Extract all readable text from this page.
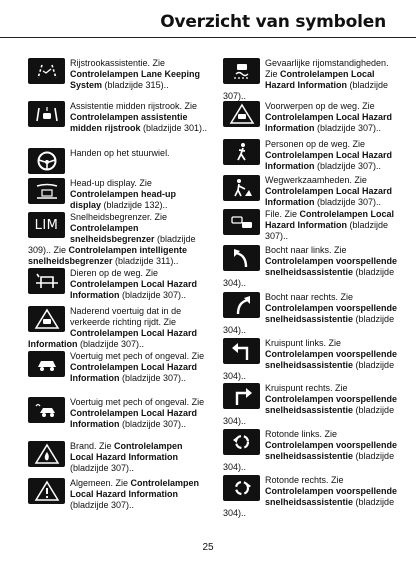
Overzicht van symbolen
Rijstrookassistentie. Zie Controlelampen Lane Keeping System (bladzijde 315)..
Assistentie midden rijstrook. Zie Controlelampen assistentie midden rijstrook (bladzijde 301)..
Handen op het stuurwiel.
Head-up display. Zie Controlelampen head-up display (bladzijde 132)..
LIM
Snelheidsbegrenzer. Zie Controlelampen snelheidsbegrenzer (bladzijde 309).. Zie Controlelampen intelligente snelheidsbegrenzer (bladzijde 311)..
Dieren op de weg. Zie Controlelampen Local Hazard Information (bladzijde 307)..
Naderend voertuig dat in de verkeerde richting rijdt. Zie Controlelampen Local Hazard Information (bladzijde 307)..
Voertuig met pech of ongeval. Zie Controlelampen Local Hazard Information (bladzijde 307)..
Voertuig met pech of ongeval. Zie Controlelampen Local Hazard Information (bladzijde 307)..
Brand. Zie Controlelampen Local Hazard Information (bladzijde 307)..
Algemeen. Zie Controlelampen Local Hazard Information (bladzijde 307)..
Gevaarlijke rijomstandigheden. Zie Controlelampen Local Hazard Information (bladzijde 307)..
Voorwerpen op de weg. Zie Controlelampen Local Hazard Information (bladzijde 307)..
Personen op de weg. Zie Controlelampen Local Hazard Information (bladzijde 307)..
Wegwerkzaamheden. Zie Controlelampen Local Hazard Information (bladzijde 307)..
File. Zie Controlelampen Local Hazard Information (bladzijde 307)..
Bocht naar links. Zie Controlelampen voorspellende snelheidsassistentie (bladzijde 304)..
Bocht naar rechts. Zie Controlelampen voorspellende snelheidsassistentie (bladzijde 304)..
Kruispunt links. Zie Controlelampen voorspellende snelheidsassistentie (bladzijde 304)..
Kruispunt rechts. Zie Controlelampen voorspellende snelheidsassistentie (bladzijde 304)..
Rotonde links. Zie Controlelampen voorspellende snelheidsassistentie (bladzijde 304)..
Rotonde rechts. Zie Controlelampen voorspellende snelheidsassistentie (bladzijde 304)..
25
